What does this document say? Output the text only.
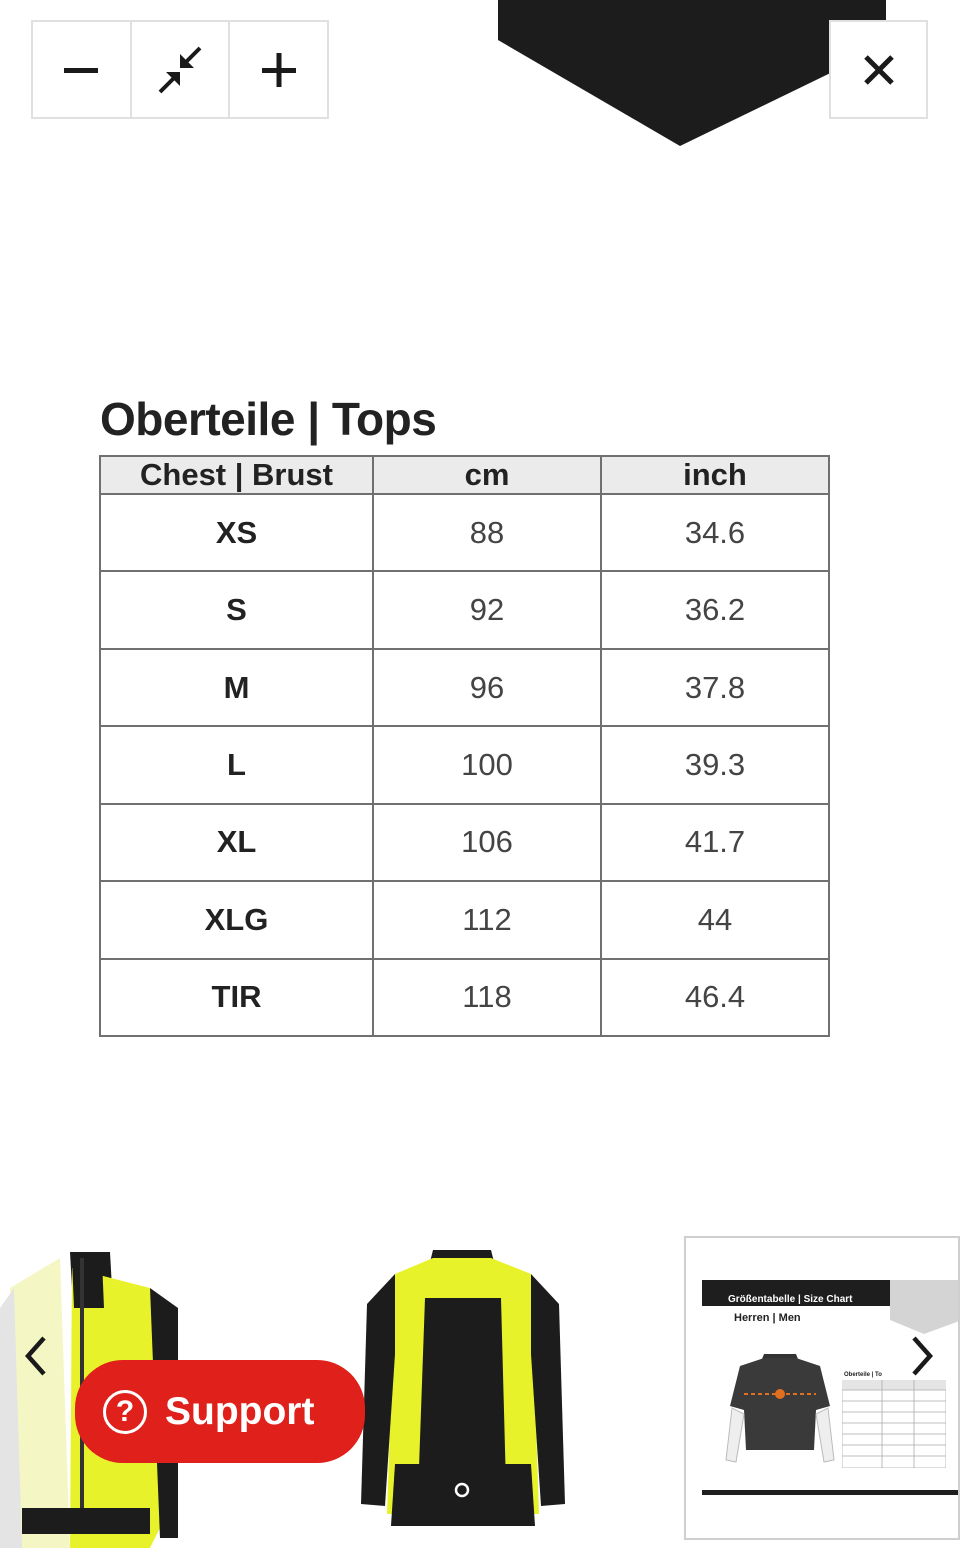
Oberteile | Tops
Chest | Brust	cm	inch
XS	88	34.6
S	92	36.2
M	96	37.8
L	100	39.3
XL	106	41.7
XLG	112	44
TIR	118	46.4
Größentabelle | Size Chart
Herren | Men
Oberteile | To
? Support
